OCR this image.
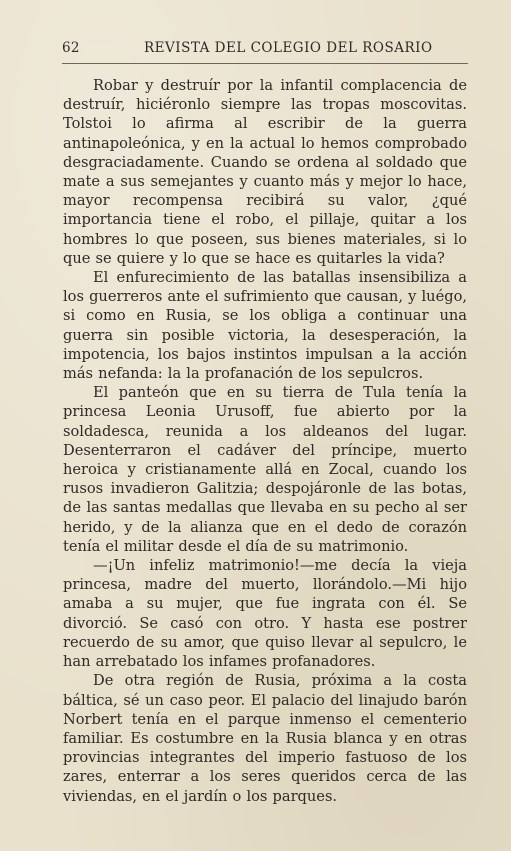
62	REVISTA DEL COLEGIO DEL ROSARIO

Robar y destruír por la infantil complacencia de destruír, hiciéronlo siempre las tropas moscovitas. Tolstoi lo afirma al escribir de la guerra antinapoleónica, y en la actual lo hemos comprobado desgraciadamente. Cuando se ordena al soldado que mate a sus semejantes y cuanto más y mejor lo hace, mayor recompensa recibirá su valor, ¿qué importancia tiene el robo, el pillaje, quitar a los hombres lo que poseen, sus bienes materiales, si lo que se quiere y lo que se hace es quitarles la vida?

El enfurecimiento de las batallas insensibiliza a los guerreros ante el sufrimiento que causan, y luégo, si como en Rusia, se los obliga a continuar una guerra sin posible victoria, la desesperación, la impotencia, los bajos instintos impulsan a la acción más nefanda: la la profanación de los sepulcros.

El panteón que en su tierra de Tula tenía la princesa Leonia Urusoff, fue abierto por la soldadesca, reunida a los aldeanos del lugar. Desenterraron el cadáver del príncipe, muerto heroica y cristianamente allá en Zocal, cuando los rusos invadieron Galitzia; despojáronle de las botas, de las santas medallas que llevaba en su pecho al ser herido, y de la alianza que en el dedo de corazón tenía el militar desde el día de su matrimonio.

—¡Un infeliz matrimonio!—me decía la vieja princesa, madre del muerto, llorándolo.—Mi hijo amaba a su mujer, que fue ingrata con él. Se divorció. Se casó con otro. Y hasta ese postrer recuerdo de su amor, que quiso llevar al sepulcro, le han arrebatado los infames profanadores.

De otra región de Rusia, próxima a la costa báltica, sé un caso peor. El palacio del linajudo barón Norbert tenía en el parque inmenso el cementerio familiar. Es costumbre en la Rusia blanca y en otras provincias integrantes del imperio fastuoso de los zares, enterrar a los seres queridos cerca de las viviendas, en el jardín o los parques.
